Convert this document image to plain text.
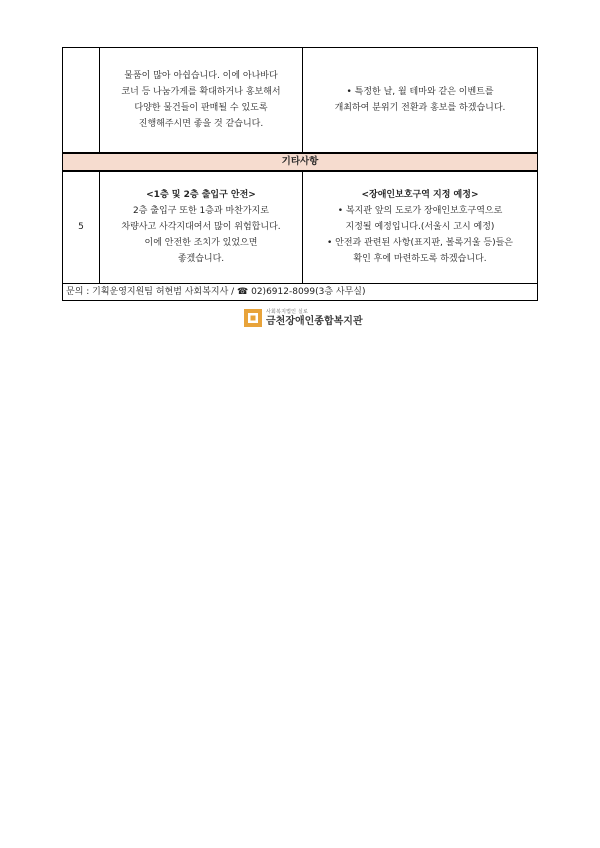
	물품이 많아 아쉽습니다. 이에 아나바다
코너 등 나눔가게를 확대하거나 홍보해서
다양한 물건들이 판매될 수 있도록
진행해주시면 좋을 것 같습니다.	• 특정한 날, 월 테마와 같은 이벤트를
개최하여 분위기 전환과 홍보를 하겠습니다.

기타사항		
5	<1층 및 2층 출입구 안전>
2층 출입구 또한 1층과 마찬가지로
차량사고 사각지대여서 많이 위험합니다.
이에 안전한 조치가 있었으면
좋겠습니다.	<장애인보호구역 지정 예정>
• 복지관 앞의 도로가 장애인보호구역으로
지정될 예정입니다.(서울시 고시 예정)
• 안전과 관련된 사항(표지판, 볼록거울 등)들은
확인 후에 마련하도록 하겠습니다.

문의 : 기획운영지원팀 허현범 사회복지사 / ☎ 02)6912-8099(3층 사무실)		
사회복지법인 실로
금천장애인종합복지관
